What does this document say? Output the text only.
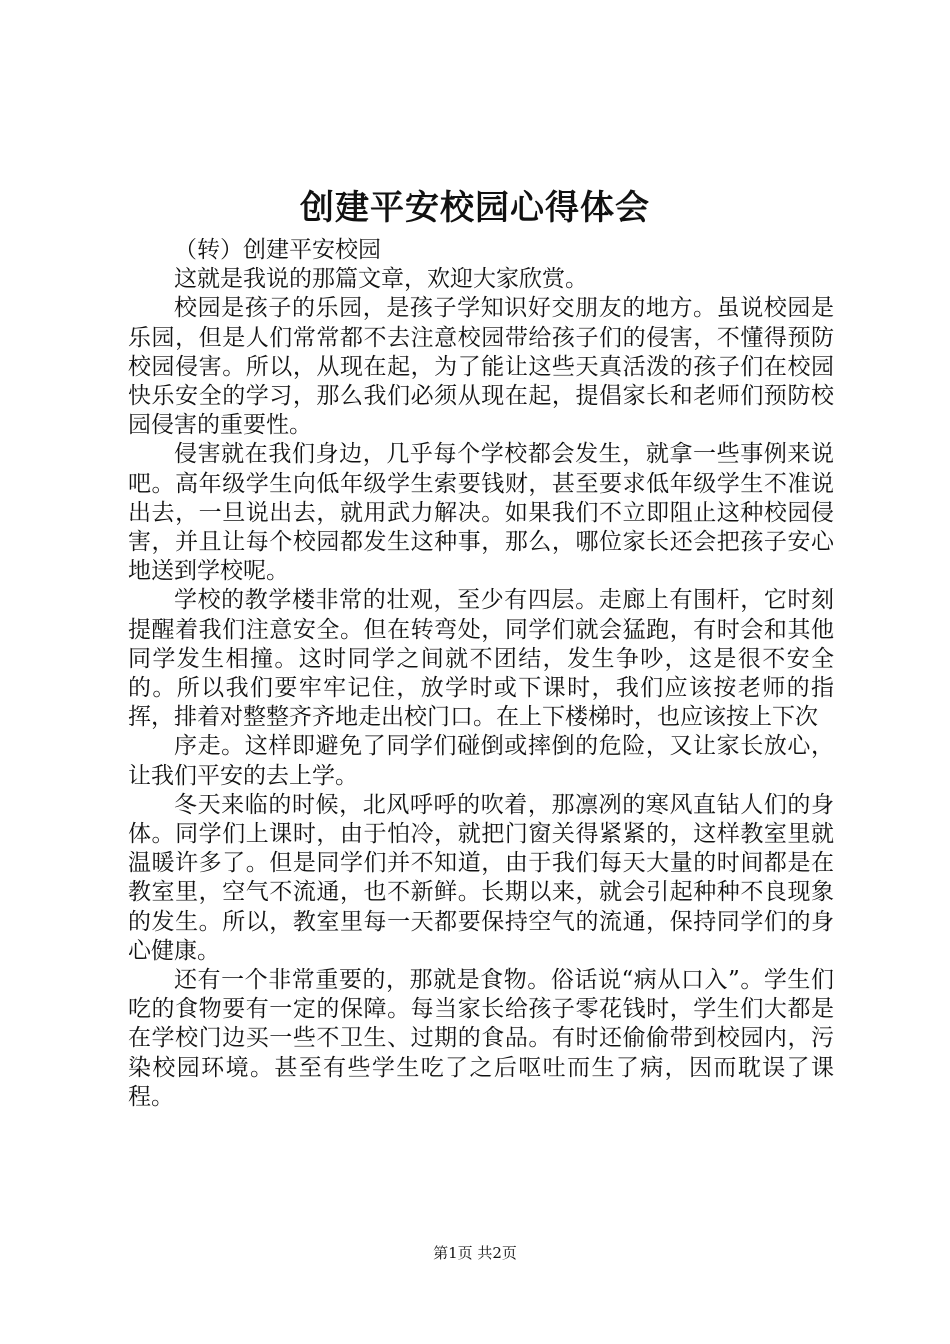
创建平安校园心得体会

（转）创建平安校园

这就是我说的那篇文章，欢迎大家欣赏。

校园是孩子的乐园，是孩子学知识好交朋友的地方。虽说校园是乐园，但是人们常常都不去注意校园带给孩子们的侵害，不懂得预防校园侵害。所以，从现在起，为了能让这些天真活泼的孩子们在校园快乐安全的学习，那么我们必须从现在起，提倡家长和老师们预防校园侵害的重要性。

侵害就在我们身边，几乎每个学校都会发生，就拿一些事例来说吧。高年级学生向低年级学生索要钱财，甚至要求低年级学生不准说出去，一旦说出去，就用武力解决。如果我们不立即阻止这种校园侵害，并且让每个校园都发生这种事，那么，哪位家长还会把孩子安心地送到学校呢。

学校的教学楼非常的壮观，至少有四层。走廊上有围杆，它时刻提醒着我们注意安全。但在转弯处，同学们就会猛跑，有时会和其他同学发生相撞。这时同学之间就不团结，发生争吵，这是很不安全的。所以我们要牢牢记住，放学时或下课时，我们应该按老师的指挥，排着对整整齐齐地走出校门口。在上下楼梯时，也应该按上下次

序走。这样即避免了同学们碰倒或摔倒的危险，又让家长放心，让我们平安的去上学。

冬天来临的时候，北风呼呼的吹着，那凛冽的寒风直钻人们的身体。同学们上课时，由于怕冷，就把门窗关得紧紧的，这样教室里就温暖许多了。但是同学们并不知道，由于我们每天大量的时间都是在教室里，空气不流通，也不新鲜。长期以来，就会引起种种不良现象的发生。所以，教室里每一天都要保持空气的流通，保持同学们的身心健康。

还有一个非常重要的，那就是食物。俗话说“病从口入”。学生们吃的食物要有一定的保障。每当家长给孩子零花钱时，学生们大都是在学校门边买一些不卫生、过期的食品。有时还偷偷带到校园内，污染校园环境。甚至有些学生吃了之后呕吐而生了病，因而耽误了课程。

第1页 共2页
